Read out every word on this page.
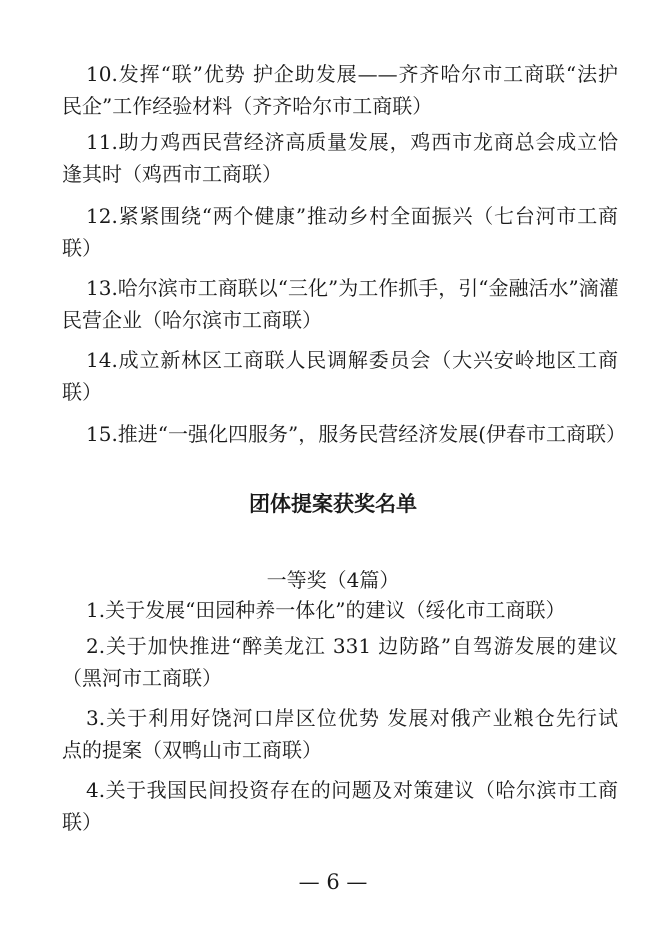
10.发挥“联”优势 护企助发展——齐齐哈尔市工商联“法护
民企”工作经验材料（齐齐哈尔市工商联）
11.助力鸡西民营经济高质量发展，鸡西市龙商总会成立恰
逢其时（鸡西市工商联）
12.紧紧围绕“两个健康”推动乡村全面振兴（七台河市工商
联）
13.哈尔滨市工商联以“三化”为工作抓手，引“金融活水”滴灌
民营企业（哈尔滨市工商联）
14.成立新林区工商联人民调解委员会（大兴安岭地区工商
联）
15.推进“一强化四服务”，服务民营经济发展(伊春市工商联）
团体提案获奖名单
一等奖（4篇）
1.关于发展“田园种养一体化”的建议（绥化市工商联）
2.关于加快推进“醉美龙江 331 边防路”自驾游发展的建议
（黑河市工商联）
3.关于利用好饶河口岸区位优势 发展对俄产业粮仓先行试
点的提案（双鸭山市工商联）
4.关于我国民间投资存在的问题及对策建议（哈尔滨市工商
联）
— 6 —
